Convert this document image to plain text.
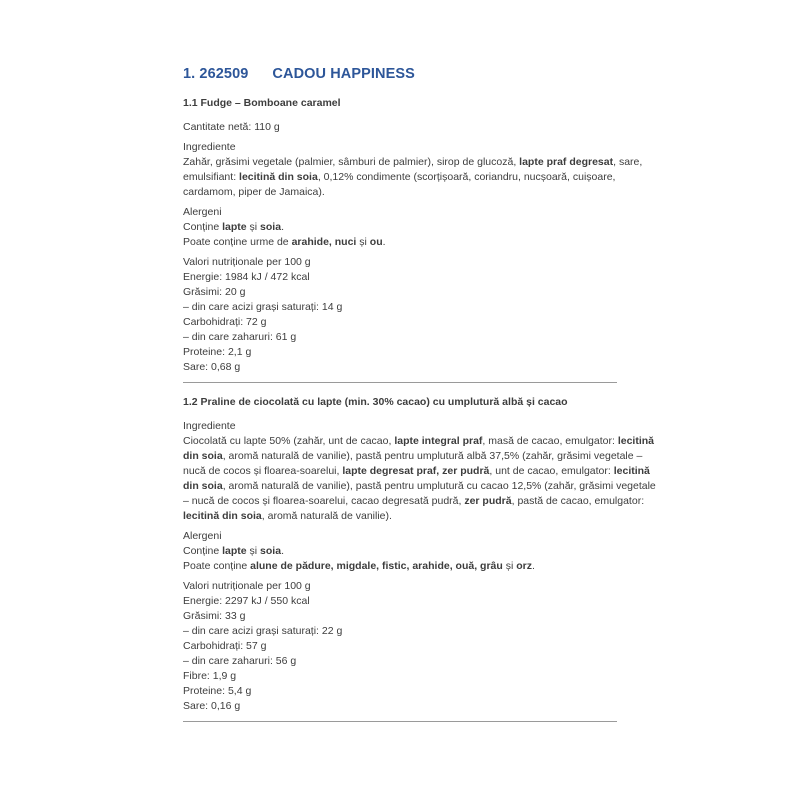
1. 262509 CADOU HAPPINESS
1.1 Fudge – Bomboane caramel
Cantitate netă: 110 g
Ingrediente
Zahăr, grăsimi vegetale (palmier, sâmburi de palmier), sirop de glucoză, lapte praf degresat, sare,
emulsifiant: lecitină din soia, 0,12% condimente (scorțișoară, coriandru, nucșoară, cuișoare,
cardamom, piper de Jamaica).
Alergeni
Conține lapte și soia.
Poate conține urme de arahide, nuci și ou.
Valori nutriționale per 100 g
Energie: 1984 kJ / 472 kcal
Grăsimi: 20 g
– din care acizi grași saturați: 14 g
Carbohidrați: 72 g
– din care zaharuri: 61 g
Proteine: 2,1 g
Sare: 0,68 g
1.2 Praline de ciocolată cu lapte (min. 30% cacao) cu umplutură albă și cacao
Ingrediente
Ciocolată cu lapte 50% (zahăr, unt de cacao, lapte integral praf, masă de cacao, emulgator: lecitină
din soia, aromă naturală de vanilie), pastă pentru umplutură albă 37,5% (zahăr, grăsimi vegetale –
nucă de cocos și floarea-soarelui, lapte degresat praf, zer pudră, unt de cacao, emulgator: lecitină
din soia, aromă naturală de vanilie), pastă pentru umplutură cu cacao 12,5% (zahăr, grăsimi vegetale
– nucă de cocos și floarea-soarelui, cacao degresată pudră, zer pudră, pastă de cacao, emulgator:
lecitină din soia, aromă naturală de vanilie).
Alergeni
Conține lapte și soia.
Poate conține alune de pădure, migdale, fistic, arahide, ouă, grâu și orz.
Valori nutriționale per 100 g
Energie: 2297 kJ / 550 kcal
Grăsimi: 33 g
– din care acizi grași saturați: 22 g
Carbohidrați: 57 g
– din care zaharuri: 56 g
Fibre: 1,9 g
Proteine: 5,4 g
Sare: 0,16 g
